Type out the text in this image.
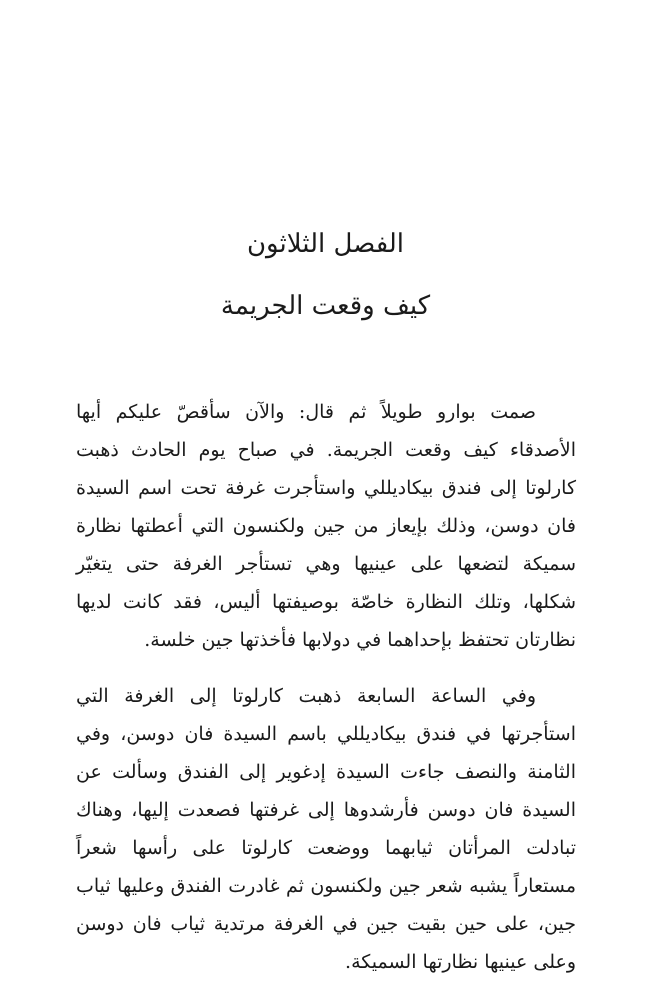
الفصل الثلاثون
كيف وقعت الجريمة

صمت بوارو طويلاً ثم قال: والآن سأقصّ عليكم أيها الأصدقاء كيف وقعت الجريمة. في صباح يوم الحادث ذهبت كارلوتا إلى فندق بيكاديللي واستأجرت غرفة تحت اسم السيدة فان دوسن، وذلك بإيعاز من جين ولكنسون التي أعطتها نظارة سميكة لتضعها على عينيها وهي تستأجر الغرفة حتى يتغيّر شكلها، وتلك النظارة خاصّة بوصيفتها أليس، فقد كانت لديها نظارتان تحتفظ بإحداهما في دولابها فأخذتها جين خلسة.

وفي الساعة السابعة ذهبت كارلوتا إلى الغرفة التي استأجرتها في فندق بيكاديللي باسم السيدة فان دوسن، وفي الثامنة والنصف جاءت السيدة إدغوير إلى الفندق وسألت عن السيدة فان دوسن فأرشدوها إلى غرفتها فصعدت إليها، وهناك تبادلت المرأتان ثيابهما ووضعت كارلوتا على رأسها شعراً مستعاراً يشبه شعر جين ولكنسون ثم غادرت الفندق وعليها ثياب جين، على حين بقيت جين في الغرفة مرتدية ثياب فان دوسن وعلى عينيها نظارتها السميكة.
